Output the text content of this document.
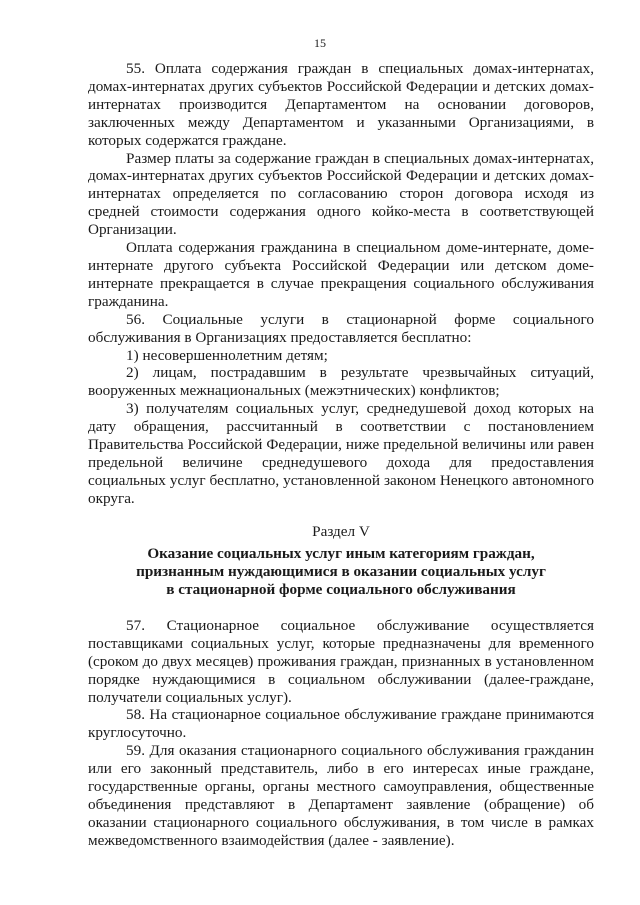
15

55. Оплата содержания граждан в специальных домах-интернатах, домах-интернатах других субъектов Российской Федерации и детских домах-интернатах производится Департаментом на основании договоров, заключенных между Департаментом и указанными Организациями, в которых содержатся граждане.

Размер платы за содержание граждан в специальных домах-интернатах, домах-интернатах других субъектов Российской Федерации и детских домах-интернатах определяется по согласованию сторон договора исходя из средней стоимости содержания одного койко-места в соответствующей Организации.

Оплата содержания гражданина в специальном доме-интернате, доме-интернате другого субъекта Российской Федерации или детском доме-интернате прекращается в случае прекращения социального обслуживания гражданина.

56. Социальные услуги в стационарной форме социального обслуживания в Организациях предоставляется бесплатно:

1) несовершеннолетним детям;

2) лицам, пострадавшим в результате чрезвычайных ситуаций, вооруженных межнациональных (межэтнических) конфликтов;

3) получателям социальных услуг, среднедушевой доход которых на дату обращения, рассчитанный в соответствии с постановлением Правительства Российской Федерации, ниже предельной величины или равен предельной величине среднедушевого дохода для предоставления социальных услуг бесплатно, установленной законом Ненецкого автономного округа.

Раздел V

Оказание социальных услуг иным категориям граждан,
признанным нуждающимися в оказании социальных услуг
в стационарной форме социального обслуживания

57. Стационарное социальное обслуживание осуществляется поставщиками социальных услуг, которые предназначены для временного (сроком до двух месяцев) проживания граждан, признанных в установленном порядке нуждающимися в социальном обслуживании (далее-граждане, получатели социальных услуг).

58. На стационарное социальное обслуживание граждане принимаются круглосуточно.

59. Для оказания стационарного социального обслуживания гражданин или его законный представитель, либо в его интересах иные граждане, государственные органы, органы местного самоуправления, общественные объединения представляют в Департамент заявление (обращение) об оказании стационарного социального обслуживания, в том числе в рамках межведомственного взаимодействия (далее - заявление).
